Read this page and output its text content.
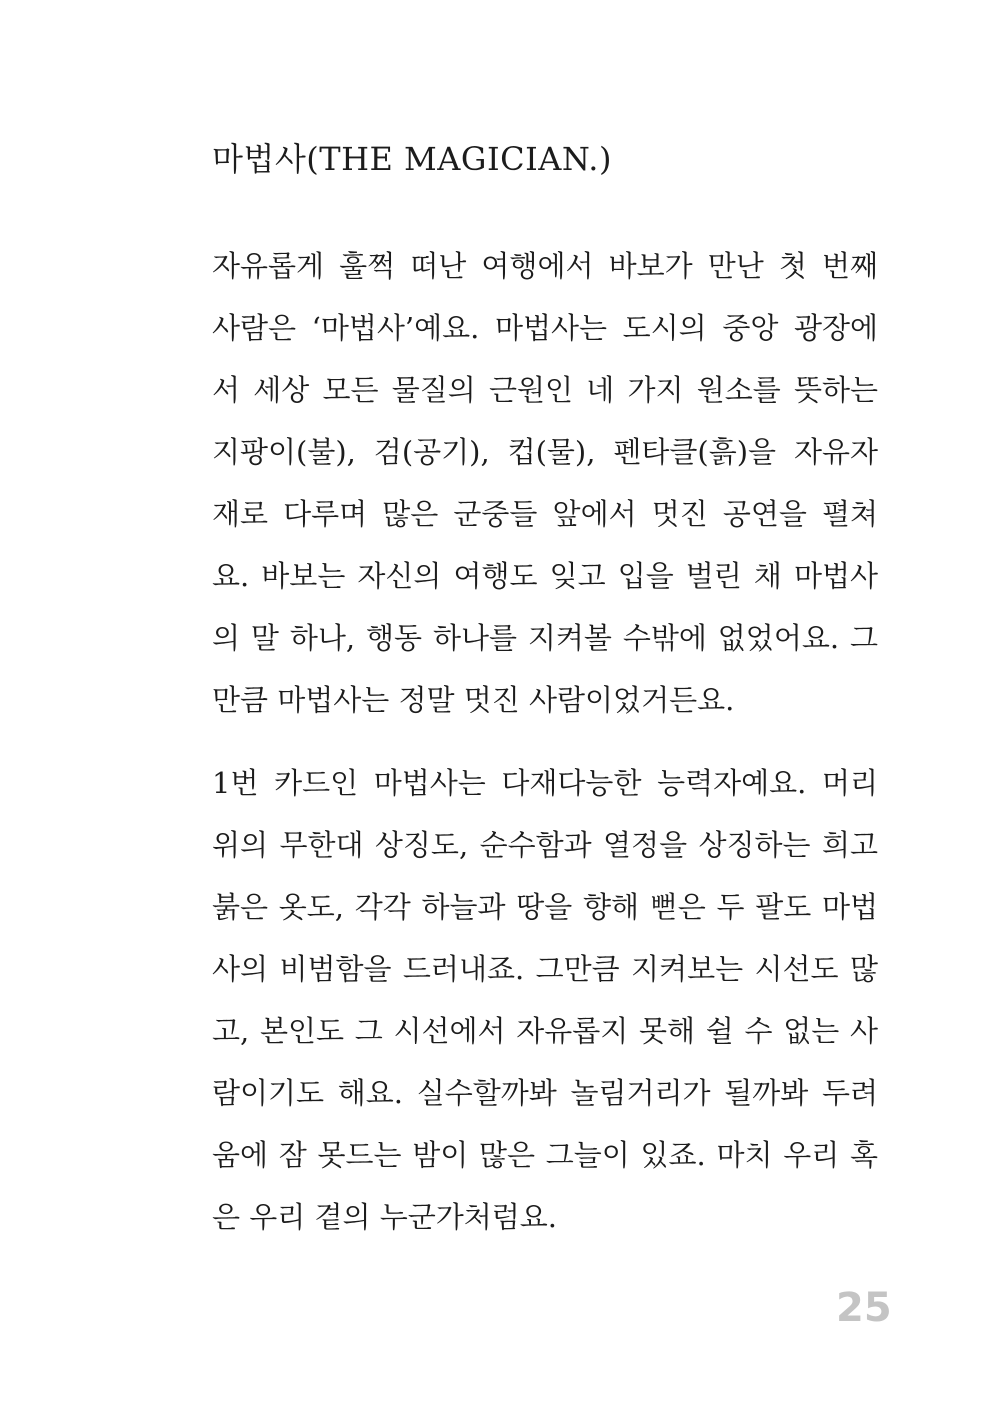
마법사(THE MAGICIAN.)
자유롭게 훌쩍 떠난 여행에서 바보가 만난 첫 번째
사람은 ‘마법사’예요. 마법사는 도시의 중앙 광장에
서 세상 모든 물질의 근원인 네 가지 원소를 뜻하는
지팡이(불), 검(공기), 컵(물), 펜타클(흙)을 자유자
재로 다루며 많은 군중들 앞에서 멋진 공연을 펼쳐
요. 바보는 자신의 여행도 잊고 입을 벌린 채 마법사
의 말 하나, 행동 하나를 지켜볼 수밖에 없었어요. 그
만큼 마법사는 정말 멋진 사람이었거든요.
1번 카드인 마법사는 다재다능한 능력자예요. 머리
위의 무한대 상징도, 순수함과 열정을 상징하는 희고
붉은 옷도, 각각 하늘과 땅을 향해 뻗은 두 팔도 마법
사의 비범함을 드러내죠. 그만큼 지켜보는 시선도 많
고, 본인도 그 시선에서 자유롭지 못해 쉴 수 없는 사
람이기도 해요. 실수할까봐 놀림거리가 될까봐 두려
움에 잠 못드는 밤이 많은 그늘이 있죠. 마치 우리 혹
은 우리 곁의 누군가처럼요.
25
